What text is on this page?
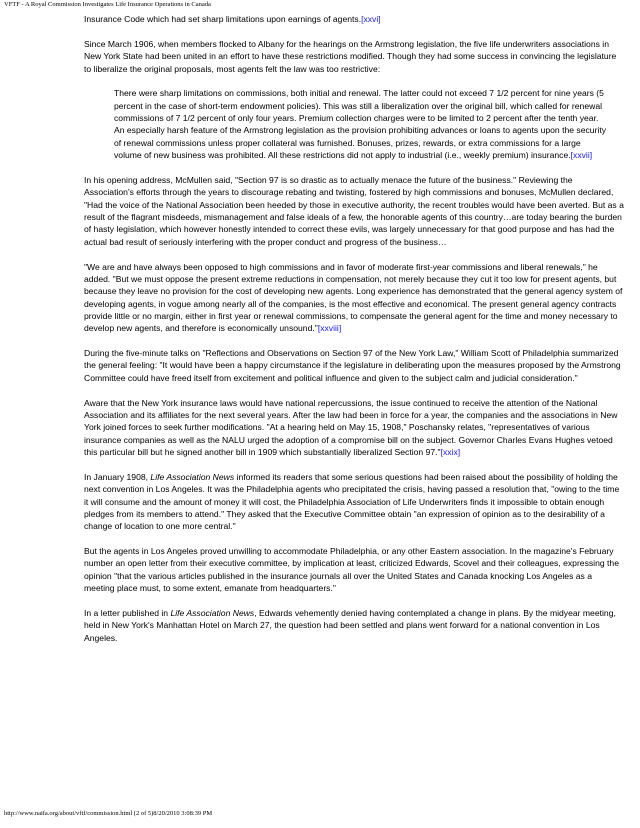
VFTF - A Royal Commission Investigates Life Insurance Operations in Canada

Insurance Code which had set sharp limitations upon earnings of agents.[xxvi]

Since March 1906, when members flocked to Albany for the hearings on the Armstrong legislation, the five life underwriters associations in New York State had been united in an effort to have these restrictions modified. Though they had some success in convincing the legislature to liberalize the original proposals, most agents felt the law was too restrictive:

There were sharp limitations on commissions, both initial and renewal. The latter could not exceed 7 1/2 percent for nine years (5 percent in the case of short-term endowment policies). This was still a liberalization over the original bill, which called for renewal commissions of 7 1/2 percent of only four years. Premium collection charges were to be limited to 2 percent after the tenth year. An especially harsh feature of the Armstrong legislation as the provision prohibiting advances or loans to agents upon the security of renewal commissions unless proper collateral was furnished. Bonuses, prizes, rewards, or extra commissions for a large volume of new business was prohibited. All these restrictions did not apply to industrial (i.e., weekly premium) insurance.[xxvii]

In his opening address, McMullen said, "Section 97 is so drastic as to actually menace the future of the business." Reviewing the Association's efforts through the years to discourage rebating and twisting, fostered by high commissions and bonuses, McMullen declared, "Had the voice of the National Association been heeded by those in executive authority, the recent troubles would have been averted. But as a result of the flagrant misdeeds, mismanagement and false ideals of a few, the honorable agents of this country…are today bearing the burden of hasty legislation, which however honestly intended to correct these evils, was largely unnecessary for that good purpose and has had the actual bad result of seriously interfering with the proper conduct and progress of the business…

"We are and have always been opposed to high commissions and in favor of moderate first-year commissions and liberal renewals," he added. "But we must oppose the present extreme reductions in compensation, not merely because they cut it too low for present agents, but because they leave no provision for the cost of developing new agents. Long experience has demonstrated that the general agency system of developing agents, in vogue among nearly all of the companies, is the most effective and economical. The present general agency contracts provide little or no margin, either in first year or renewal commissions, to compensate the general agent for the time and money necessary to develop new agents, and therefore is economically unsound."[xxviii]

During the five-minute talks on "Reflections and Observations on Section 97 of the New York Law," William Scott of Philadelphia summarized the general feeling: "It would have been a happy circumstance if the legislature in deliberating upon the measures proposed by the Armstrong Committee could have freed itself from excitement and political influence and given to the subject calm and judicial consideration."

Aware that the New York insurance laws would have national repercussions, the issue continued to receive the attention of the National Association and its affiliates for the next several years. After the law had been in force for a year, the companies and the associations in New York joined forces to seek further modifications. "At a hearing held on May 15, 1908," Poschansky relates, "representatives of various insurance companies as well as the NALU urged the adoption of a compromise bill on the subject. Governor Charles Evans Hughes vetoed this particular bill but he signed another bill in 1909 which substantially liberalized Section 97."[xxix]

In January 1908, Life Association News informed its readers that some serious questions had been raised about the possibility of holding the next convention in Los Angeles. It was the Philadelphia agents who precipitated the crisis, having passed a resolution that, "owing to the time it will consume and the amount of money it will cost, the Philadelphia Association of Life Underwriters finds it impossible to obtain enough pledges from its members to attend." They asked that the Executive Committee obtain "an expression of opinion as to the desirability of a change of location to one more central."

But the agents in Los Angeles proved unwilling to accommodate Philadelphia, or any other Eastern association. In the magazine's February number an open letter from their executive committee, by implication at least, criticized Edwards, Scovel and their colleagues, expressing the opinion "that the various articles published in the insurance journals all over the United States and Canada knocking Los Angeles as a meeting place must, to some extent, emanate from headquarters."

In a letter published in Life Association News, Edwards vehemently denied having contemplated a change in plans. By the midyear meeting, held in New York's Manhattan Hotel on March 27, the question had been settled and plans went forward for a national convention in Los Angeles.

http://www.naifa.org/about/vftf/commission.html (2 of 5)8/20/2010 3:08:39 PM
